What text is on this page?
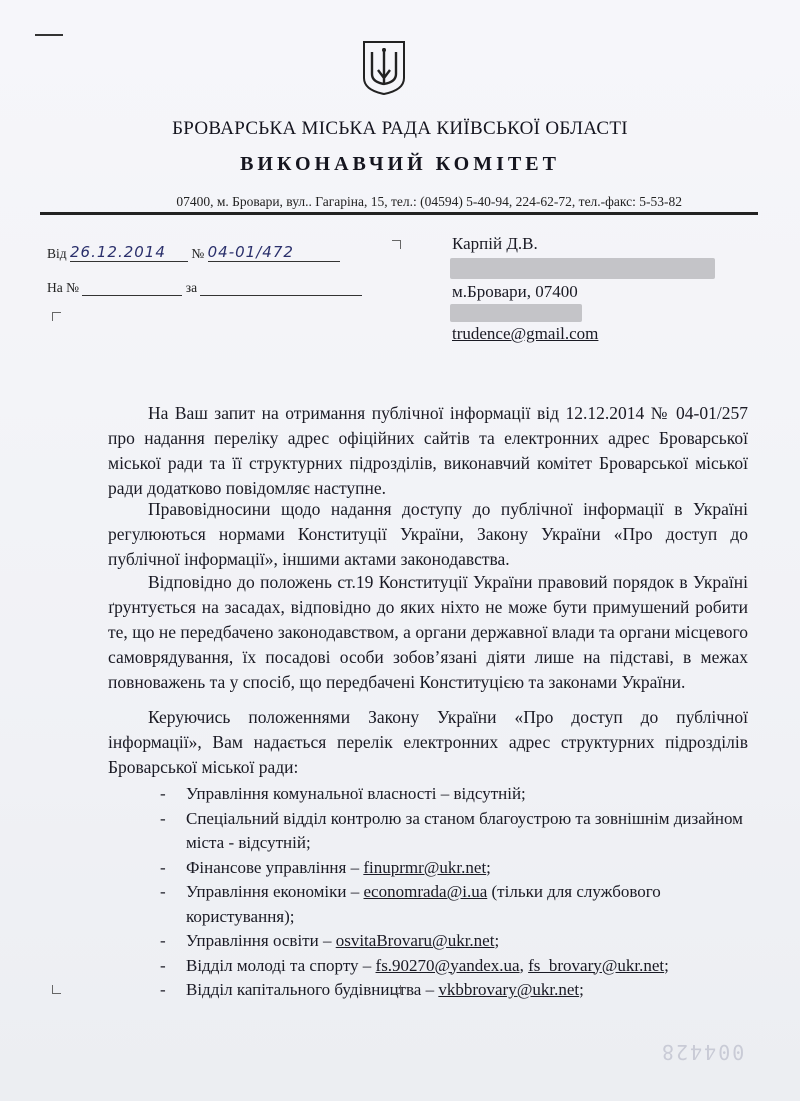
БРОВАРСЬКА МІСЬКА РАДА КИЇВСЬКОЇ ОБЛАСТІ
ВИКОНАВЧИЙ КОМІТЕТ
07400, м. Бровари, вул.. Гагаріна, 15, тел.: (04594) 5-40-94, 224-62-72, тел.-факс: 5-53-82
Від 26.12.2014 № 04-01/472
На №	за
Карпій Д.В.
м.Бровари, 07400
trudence@gmail.com

На Ваш запит на отримання публічної інформації від 12.12.2014 № 04-01/257 про надання переліку адрес офіційних сайтів та електронних адрес Броварської міської ради та її структурних підрозділів, виконавчий комітет Броварської міської ради додатково повідомляє наступне.

Правовідносини щодо надання доступу до публічної інформації в Україні регулюються нормами Конституції України, Закону України «Про доступ до публічної інформації», іншими актами законодавства.

Відповідно до положень ст.19 Конституції України правовий порядок в Україні ґрунтується на засадах, відповідно до яких ніхто не може бути примушений робити те, що не передбачено законодавством, а органи державної влади та органи місцевого самоврядування, їх посадові особи зобов’язані діяти лише на підставі, в межах повноважень та у спосіб, що передбачені Конституцією та законами України.

Керуючись положеннями Закону України «Про доступ до публічної інформації», Вам надається перелік електронних адрес структурних підрозділів Броварської міської ради:

- Управління комунальної власності – відсутній;
- Спеціальний відділ контролю за станом благоустрою та зовнішнім дизайном міста - відсутній;
- Фінансове управління – finuprmr@ukr.net;
- Управління економіки – economrada@i.ua (тільки для службового користування);
- Управління освіти – osvitaBrovaru@ukr.net;
- Відділ молоді та спорту – fs.90270@yandex.ua, fs_brovary@ukr.net;
- Відділ капітального будівництва – vkbbrovary@ukr.net;
004428
